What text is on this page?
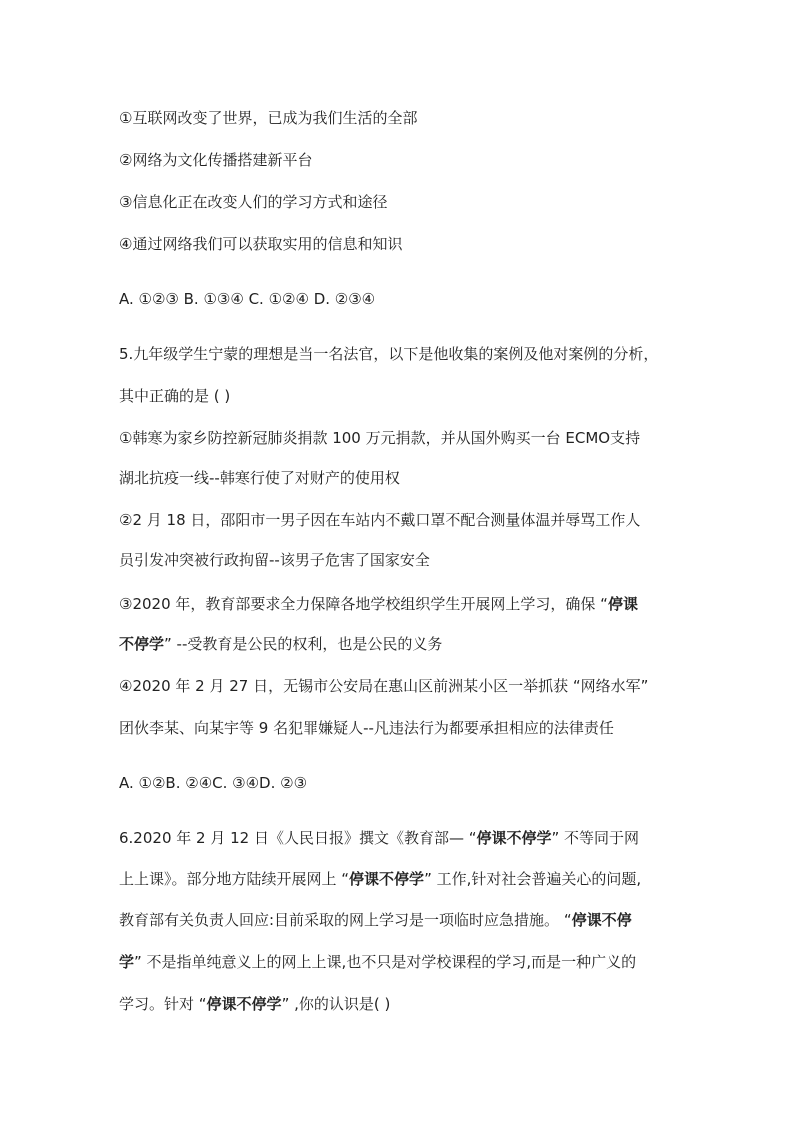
①互联网改变了世界，已成为我们生活的全部
②网络为文化传播搭建新平台
③信息化正在改变人们的学习方式和途径
④通过网络我们可以获取实用的信息和知识
A. ①②③ B. ①③④ C. ①②④ D. ②③④
5.九年级学生宁蒙的理想是当一名法官，以下是他收集的案例及他对案例的分析，
其中正确的是 ( )
①韩寒为家乡防控新冠肺炎捐款 100 万元捐款，并从国外购买一台 ECMO支持
湖北抗疫一线--韩寒行使了对财产的使用权
②2 月 18 日，邵阳市一男子因在车站内不戴口罩不配合测量体温并辱骂工作人
员引发冲突被行政拘留--该男子危害了国家安全
③2020 年，教育部要求全力保障各地学校组织学生开展网上学习，确保 “停课
不停学” --受教育是公民的权利，也是公民的义务
④2020 年 2 月 27 日，无锡市公安局在惠山区前洲某小区一举抓获 “网络水军”
团伙李某、向某宇等 9 名犯罪嫌疑人--凡违法行为都要承担相应的法律责任
A. ①②B. ②④C. ③④D. ②③
6.2020 年 2 月 12 日《人民日报》撰文《教育部— “停课不停学” 不等同于网
上上课》。部分地方陆续开展网上 “停课不停学” 工作,针对社会普遍关心的问题,
教育部有关负责人回应:目前采取的网上学习是一项临时应急措施。 “停课不停
学” 不是指单纯意义上的网上上课,也不只是对学校课程的学习,而是一种广义的
学习。针对 “停课不停学” ,你的认识是( )
